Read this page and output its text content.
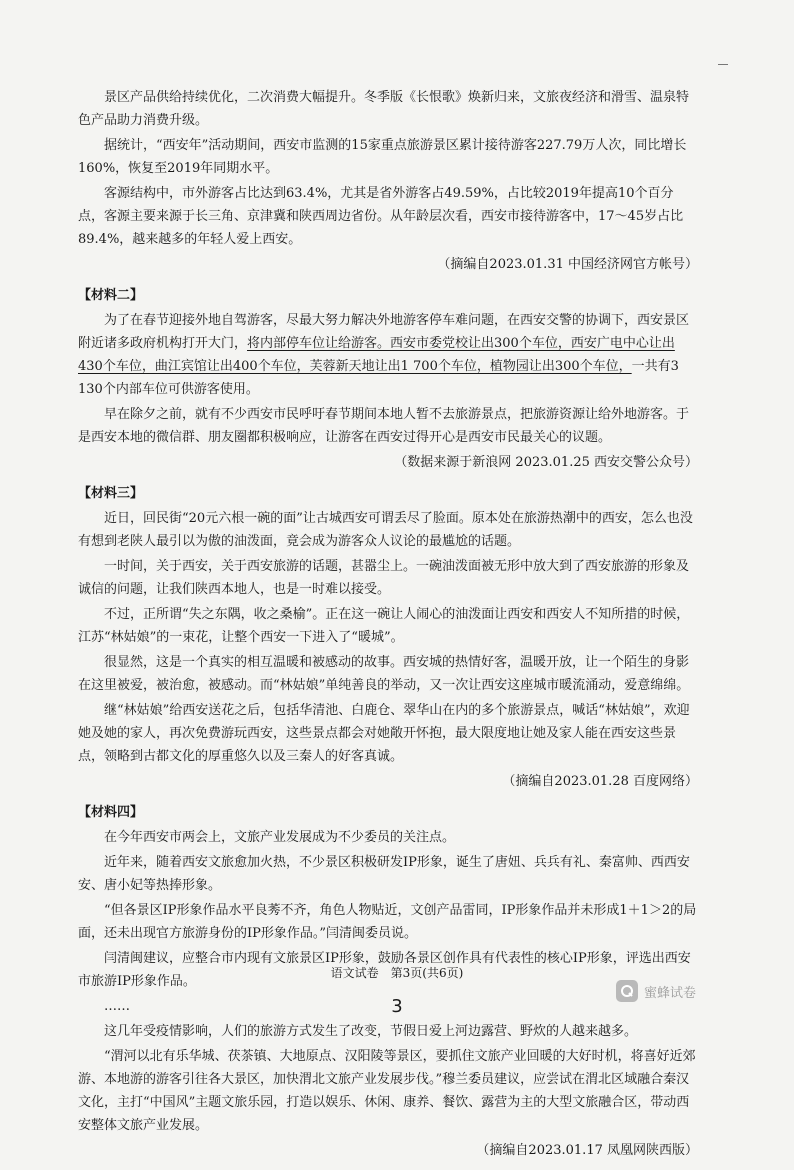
景区产品供给持续优化，二次消费大幅提升。冬季版《长恨歌》焕新归来，文旅夜经济和滑雪、温泉特色产品助力消费升级。

据统计，“西安年”活动期间，西安市监测的15家重点旅游景区累计接待游客227.79万人次，同比增长160%，恢复至2019年同期水平。

客源结构中，市外游客占比达到63.4%，尤其是省外游客占49.59%，占比较2019年提高10个百分点，客源主要来源于长三角、京津冀和陕西周边省份。从年龄层次看，西安市接待游客中，17～45岁占比89.4%，越来越多的年轻人爱上西安。

（摘编自2023.01.31 中国经济网官方帐号）

【材料二】

为了在春节迎接外地自驾游客，尽最大努力解决外地游客停车难问题，在西安交警的协调下，西安景区附近诸多政府机构打开大门，将内部停车位让给游客。西安市委党校让出300个车位，西安广电中心让出430个车位，曲江宾馆让出400个车位，芙蓉新天地让出1 700个车位，植物园让出300个车位，一共有3 130个内部车位可供游客使用。

早在除夕之前，就有不少西安市民呼吁春节期间本地人暂不去旅游景点，把旅游资源让给外地游客。于是西安本地的微信群、朋友圈都积极响应，让游客在西安过得开心是西安市民最关心的议题。

（数据来源于新浪网 2023.01.25 西安交警公众号）

【材料三】

近日，回民街“20元六根一碗的面”让古城西安可谓丢尽了脸面。原本处在旅游热潮中的西安，怎么也没有想到老陕人最引以为傲的油泼面，竟会成为游客众人议论的最尴尬的话题。

一时间，关于西安，关于西安旅游的话题，甚嚣尘上。一碗油泼面被无形中放大到了西安旅游的形象及诚信的问题，让我们陕西本地人，也是一时难以接受。

不过，正所谓“失之东隅，收之桑榆”。正在这一碗让人闹心的油泼面让西安和西安人不知所措的时候，江苏“林姑娘”的一束花，让整个西安一下进入了“暖城”。

很显然，这是一个真实的相互温暖和被感动的故事。西安城的热情好客，温暖开放，让一个陌生的身影在这里被爱，被治愈，被感动。而“林姑娘”单纯善良的举动，又一次让西安这座城市暖流涌动，爱意绵绵。

继“林姑娘”给西安送花之后，包括华清池、白鹿仓、翠华山在内的多个旅游景点，喊话“林姑娘”，欢迎她及她的家人，再次免费游玩西安，这些景点都会对她敞开怀抱，最大限度地让她及家人能在西安这些景点，领略到古都文化的厚重悠久以及三秦人的好客真诚。

（摘编自2023.01.28 百度网络）

【材料四】

在今年西安市两会上，文旅产业发展成为不少委员的关注点。

近年来，随着西安文旅愈加火热，不少景区积极研发IP形象，诞生了唐妞、兵兵有礼、秦富帅、西西安安、唐小妃等热捧形象。

“但各景区IP形象作品水平良莠不齐，角色人物贴近，文创产品雷同，IP形象作品并未形成1＋1＞2的局面，还未出现官方旅游身份的IP形象作品。”闫清闽委员说。

闫清闽建议，应整合市内现有文旅景区IP形象，鼓励各景区创作具有代表性的核心IP形象，评选出西安市旅游IP形象作品。

……

这几年受疫情影响，人们的旅游方式发生了改变，节假日爱上河边露营、野炊的人越来越多。

“渭河以北有乐华城、茯茶镇、大地原点、汉阳陵等景区，要抓住文旅产业回暖的大好时机，将喜好近郊游、本地游的游客引往各大景区，加快渭北文旅产业发展步伐。”穆兰委员建议，应尝试在渭北区域融合秦汉文化，主打“中国风”主题文旅乐园，打造以娱乐、休闲、康养、餐饮、露营为主的大型文旅融合区，带动西安整体文旅产业发展。

（摘编自2023.01.17 凤凰网陕西版）

语文试卷　第3页(共6页)
3
蜜蜂试卷
